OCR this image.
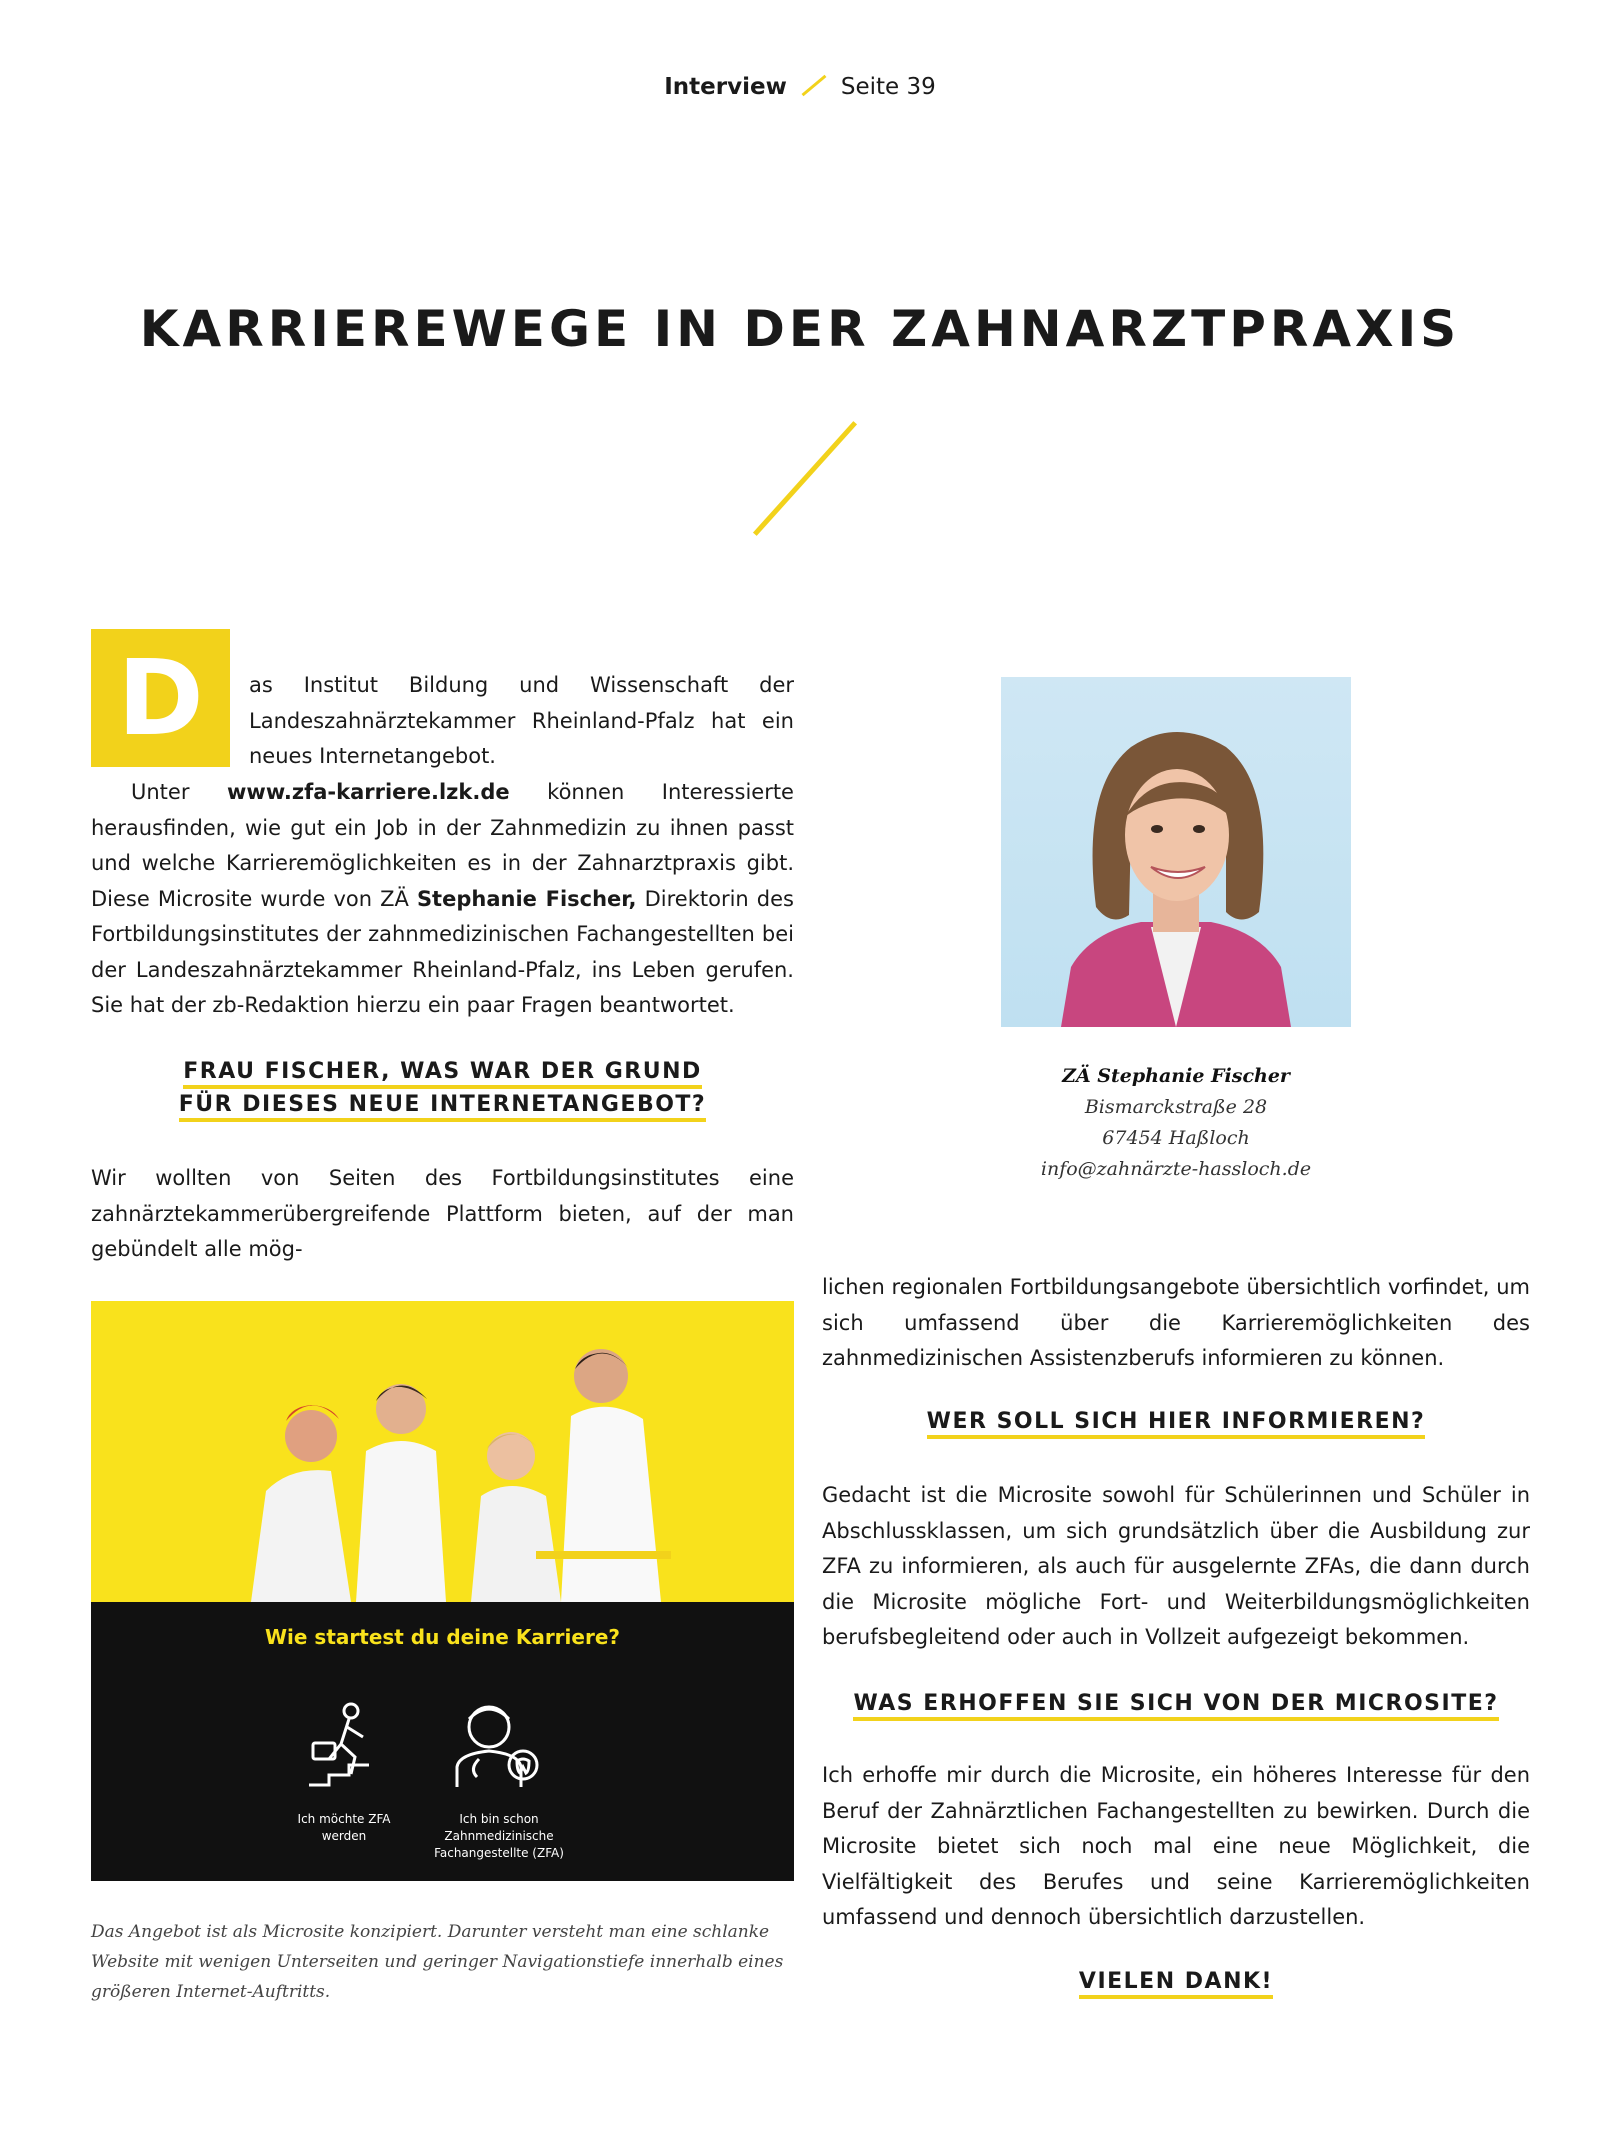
Interview Seite 39
KARRIEREWEGE IN DER ZAHNARZTPRAXIS
D	as Institut Bildung und Wissenschaft der Landeszahnärztekammer Rheinland-Pfalz hat ein neues Internetangebot.

Unter www.zfa-karriere.lzk.de können Interessierte herausfinden, wie gut ein Job in der Zahnmedizin zu ihnen passt und welche Karrieremöglichkeiten es in der Zahnarztpraxis gibt. Diese Microsite wurde von ZÄ Stephanie Fischer, Direktorin des Fortbildungsinstitutes der zahnmedizinischen Fachangestellten bei der Landeszahnärztekammer Rheinland-Pfalz, ins Leben gerufen. Sie hat der zb-Redaktion hierzu ein paar Fragen beantwortet.

FRAU FISCHER, WAS WAR DER GRUND
FÜR DIESES NEUE INTERNETANGEBOT?

Wir wollten von Seiten des Fortbildungsinstitutes eine zahnärztekammerübergreifende Plattform bieten, auf der man gebündelt alle mög-

ZÄ Stephanie Fischer
Bismarckstraße 28
67454 Haßloch
info@zahnärzte-hassloch.de
Wie startest du deine Karriere?
Ich möchte ZFA
werden
Ich bin schon
Zahnmedizinische
Fachangestellte (ZFA)
Das Angebot ist als Microsite konzipiert. Darunter versteht man eine schlanke Website mit wenigen Unterseiten und geringer Navigationstiefe innerhalb eines größeren Internet-Auftritts.

lichen regionalen Fortbildungsangebote übersichtlich vorfindet, um sich umfassend über die Karrieremöglichkeiten des zahnmedizinischen Assistenzberufs informieren zu können.

WER SOLL SICH HIER INFORMIEREN?

Gedacht ist die Microsite sowohl für Schülerinnen und Schüler in Abschlussklassen, um sich grundsätzlich über die Ausbildung zur ZFA zu informieren, als auch für ausgelernte ZFAs, die dann durch die Microsite mögliche Fort- und Weiterbildungsmöglichkeiten berufsbegleitend oder auch in Vollzeit aufgezeigt bekommen.

WAS ERHOFFEN SIE SICH VON DER MICROSITE?

Ich erhoffe mir durch die Microsite, ein höheres Interesse für den Beruf der Zahnärztlichen Fachangestellten zu bewirken. Durch die Microsite bietet sich noch mal eine neue Möglichkeit, die Vielfältigkeit des Berufes und seine Karrieremöglichkeiten umfassend und dennoch übersichtlich darzustellen.

VIELEN DANK!
